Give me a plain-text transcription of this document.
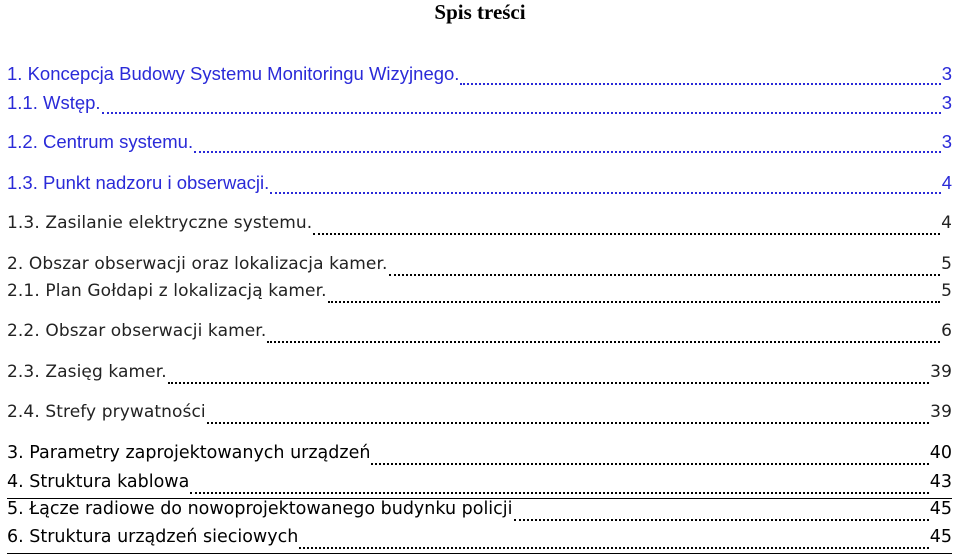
Spis treści
1. Koncepcja Budowy Systemu Monitoringu Wizyjnego.	3
1.1. Wstęp.	3
1.2. Centrum systemu.	3
1.3. Punkt nadzoru i obserwacji.	4
1.3. Zasilanie elektryczne systemu.	4
2. Obszar obserwacji oraz lokalizacja kamer.	5
2.1. Plan Gołdapi z lokalizacją kamer.	5
2.2. Obszar obserwacji kamer.	6
2.3. Zasięg kamer.	39
2.4. Strefy prywatności	39
3. Parametry zaprojektowanych urządzeń	40
4. Struktura kablowa	43
5. Łącze radiowe do nowoprojektowanego budynku policji	45
6. Struktura urządzeń sieciowych	45
